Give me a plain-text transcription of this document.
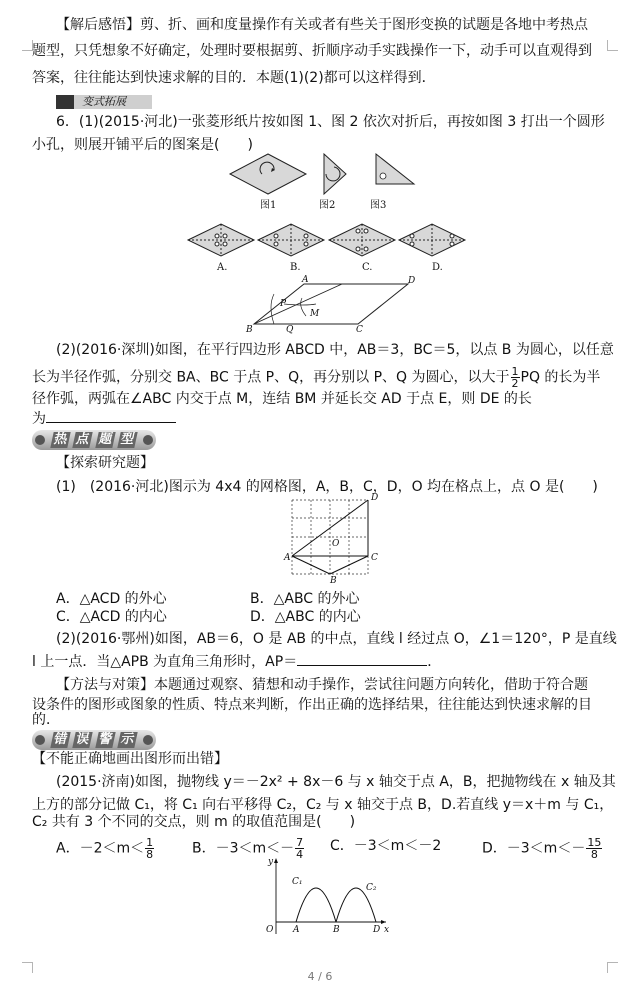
【解后感悟】剪、折、画和度量操作有关或者有些关于图形变换的试题是各地中考热点
题型，只凭想象不好确定，处理时要根据剪、折顺序动手实践操作一下，动手可以直观得到
答案，往往能达到快速求解的目的．本题(1)(2)都可以这样得到．
变式拓展
6．(1)(2015·河北)一张菱形纸片按如图 1、图 2 依次对折后，再按如图 3 打出一个圆形
小孔，则展开铺平后的图案是(　　)
图1	图2	图3
A.	B.	C.	D.
A	D
P
M
B	Q	C
(2)(2016·深圳)如图，在平行四边形 ABCD 中，AB＝3，BC＝5，以点 B 为圆心，以任意
长为半径作弧，分别交 BA、BC 于点 P、Q，再分别以 P、Q 为圆心，以大于 $\frac{1}{2}$ PQ 的长为半
径作弧，两弧在∠ABC 内交于点 M，连结 BM 并延长交 AD 于点 E，则 DE 的长
为
热 点 题 型
【探索研究题】
(1)　(2016·河北)图示为 4x4 的网格图，A，B，C，D，O 均在格点上，点 O 是(　　)
D
O
A
B
C
A．△ACD 的外心	B．△ABC 的外心
C．△ACD 的内心	D．△ABC 的内心
(2)(2016·鄂州)如图，AB＝6，O 是 AB 的中点，直线 l 经过点 O，∠1＝120°，P 是直线
l 上一点．当△APB 为直角三角形时，AP＝	．
【方法与对策】本题通过观察、猜想和动手操作，尝试往问题方向转化，借助于符合题
设条件的图形或图象的性质、特点来判断，作出正确的选择结果，往往能达到快速求解的目
的．
错 误 警 示
【不能正确地画出图形而出错】
(2015·济南)如图，抛物线 y＝－2x² + 8x－6 与 x 轴交于点 A，B，把抛物线在 x 轴及其
上方的部分记做 C₁，将 C₁ 向右平移得 C₂，C₂ 与 x 轴交于点 B，D.若直线 y＝x＋m 与 C₁，
C₂ 共有 3 个不同的交点，则 m 的取值范围是(　　)
A．$-2<m< \frac{1}{8}$	B．$-3<m<- \frac{7}{4}$ C．－3＜m＜－2	D．$-3<m<- \frac{15}{8}$
y
C₁
C₂
O A	B	D x
4 / 6
